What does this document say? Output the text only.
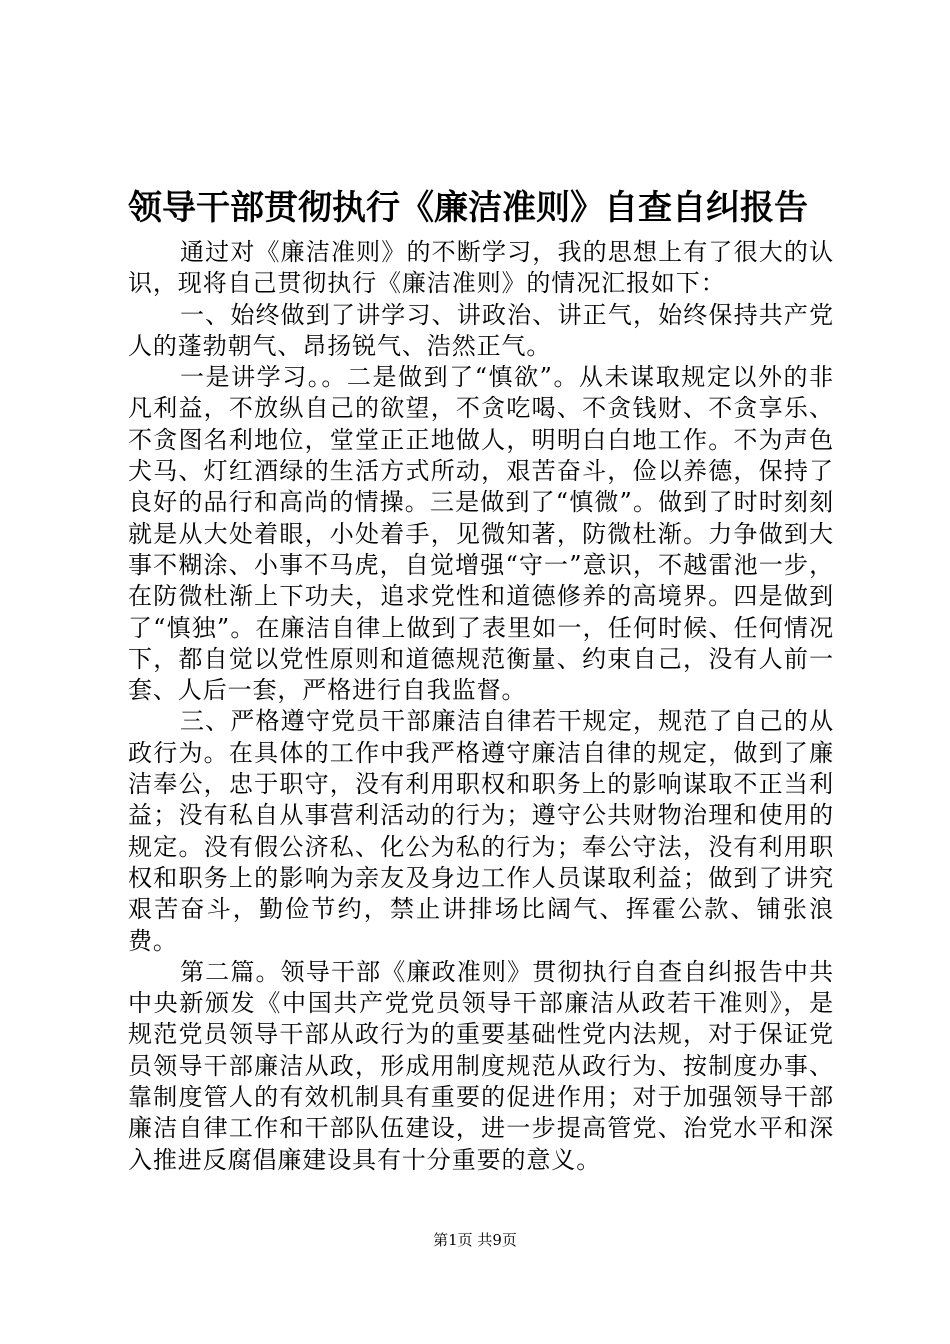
领导干部贯彻执行《廉洁准则》自查自纠报告

通过对《廉洁准则》的不断学习，我的思想上有了很大的认识，现将自己贯彻执行《廉洁准则》的情况汇报如下：

一、始终做到了讲学习、讲政治、讲正气，始终保持共产党人的蓬勃朝气、昂扬锐气、浩然正气。

一是讲学习。。二是做到了“慎欲”。从未谋取规定以外的非凡利益，不放纵自己的欲望，不贪吃喝、不贪钱财、不贪享乐、不贪图名利地位，堂堂正正地做人，明明白白地工作。不为声色犬马、灯红酒绿的生活方式所动，艰苦奋斗，俭以养德，保持了良好的品行和高尚的情操。三是做到了“慎微”。做到了时时刻刻就是从大处着眼，小处着手，见微知著，防微杜渐。力争做到大事不糊涂、小事不马虎，自觉增强“守一”意识，不越雷池一步，在防微杜渐上下功夫，追求党性和道德修养的高境界。四是做到了“慎独”。在廉洁自律上做到了表里如一，任何时候、任何情况下，都自觉以党性原则和道德规范衡量、约束自己，没有人前一套、人后一套，严格进行自我监督。

三、严格遵守党员干部廉洁自律若干规定，规范了自己的从政行为。在具体的工作中我严格遵守廉洁自律的规定，做到了廉洁奉公，忠于职守，没有利用职权和职务上的影响谋取不正当利益；没有私自从事营利活动的行为；遵守公共财物治理和使用的规定。没有假公济私、化公为私的行为；奉公守法，没有利用职权和职务上的影响为亲友及身边工作人员谋取利益；做到了讲究艰苦奋斗，勤俭节约，禁止讲排场比阔气、挥霍公款、铺张浪费。

第二篇。领导干部《廉政准则》贯彻执行自查自纠报告中共中央新颁发《中国共产党党员领导干部廉洁从政若干准则》，是规范党员领导干部从政行为的重要基础性党内法规，对于保证党员领导干部廉洁从政，形成用制度规范从政行为、按制度办事、靠制度管人的有效机制具有重要的促进作用；对于加强领导干部廉洁自律工作和干部队伍建设，进一步提高管党、治党水平和深入推进反腐倡廉建设具有十分重要的意义。

第1页 共9页
